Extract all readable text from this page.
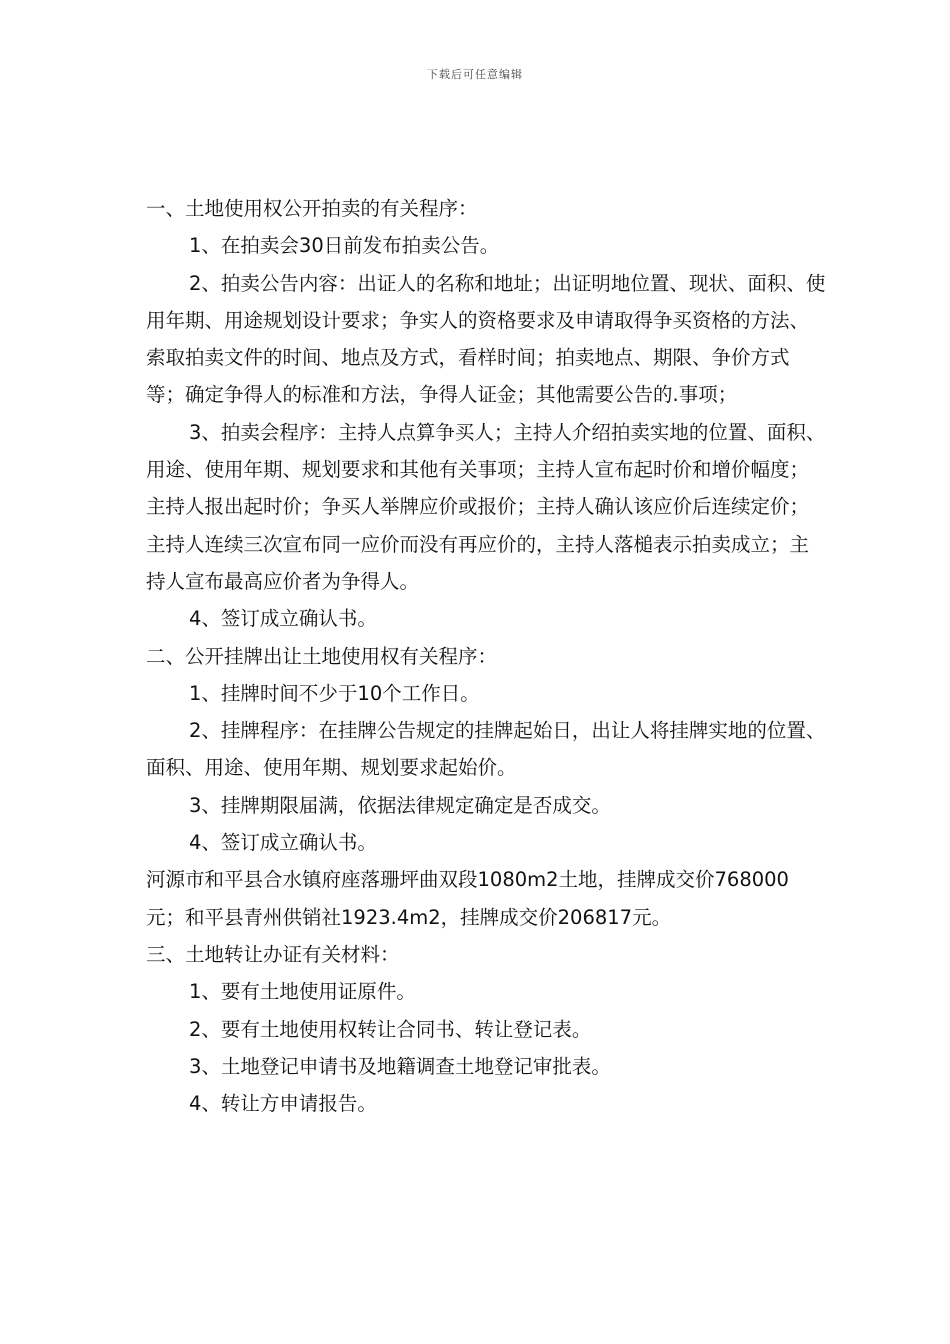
下载后可任意编辑

一、土地使用权公开拍卖的有关程序：

1、在拍卖会30日前发布拍卖公告。

2、拍卖公告内容：出证人的名称和地址；出证明地位置、现状、面积、使用年期、用途规划设计要求；争实人的资格要求及申请取得争买资格的方法、索取拍卖文件的时间、地点及方式，看样时间；拍卖地点、期限、争价方式等；确定争得人的标准和方法，争得人证金；其他需要公告的.事项；

3、拍卖会程序：主持人点算争买人；主持人介绍拍卖实地的位置、面积、用途、使用年期、规划要求和其他有关事项；主持人宣布起时价和增价幅度；主持人报出起时价；争买人举牌应价或报价；主持人确认该应价后连续定价；主持人连续三次宣布同一应价而没有再应价的，主持人落槌表示拍卖成立；主持人宣布最高应价者为争得人。

4、签订成立确认书。

二、公开挂牌出让土地使用权有关程序：

1、挂牌时间不少于10个工作日。

2、挂牌程序：在挂牌公告规定的挂牌起始日，出让人将挂牌实地的位置、面积、用途、使用年期、规划要求起始价。

3、挂牌期限届满，依据法律规定确定是否成交。

4、签订成立确认书。

河源市和平县合水镇府座落珊坪曲双段1080m2土地，挂牌成交价768000元；和平县青州供销社1923.4m2，挂牌成交价206817元。

三、土地转让办证有关材料：

1、要有土地使用证原件。

2、要有土地使用权转让合同书、转让登记表。

3、土地登记申请书及地籍调查土地登记审批表。

4、转让方申请报告。
